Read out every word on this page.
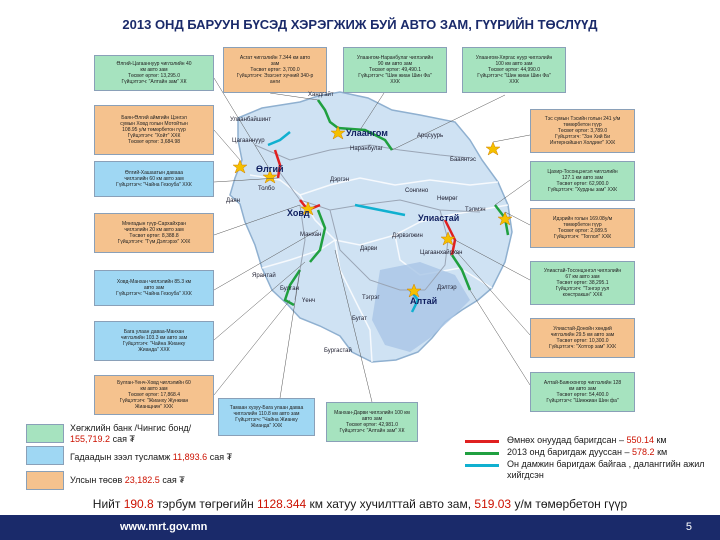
2013 ОНД БАРУУН БҮСЭД ХЭРЭГЖИЖ БУЙ АВТО ЗАМ, ГҮҮРИЙН ТӨСЛҮҮД
Өлгий-Цагааннуур чиглэлийн 40
км авто зам
Төсвөт өртөг: 13,295.0
Гүйцэтгэгч: "Алтайн зам" ХК
Асгат чиглэлийн 7.344 км авто
зам
Төсвөт өртөг: 3,700.0
Гүйцэтгэгч: Эзэгэнт хүчний 340-р
анги
Улаангом-Наранбулаг чиглэлийн
90 км авто зам
Төсвөт өртөг: 49,490.1
Гүйцэтгэгч: "Шин жиан Шин Фа"
ХХК
Улаангом-Хяргас нуур чиглэлийн
100 км авто зам
Төсвөт өртөг: 44,990.0
Гүйцэтгэгч: "Шин жиан Шин Фа"
ХХК
Баян-Өлгий аймгийн Цэнгэл
сумын Ховд голын Мотойтын
108.95 у/м төмөрбетон гүүр
Гүйцэтгэгч: "Хойт" ХХК
Төсвөт өртөг: 3,684.98
Тэс сумын Тэсийн голын 241 у/м
төмөрбетон гүүр
Төсвөт өртөг: 3,789.0
Гүйцэтгэгч: "Зэн Хий Би
Интернэйшнл Холдинг" ХХК
Өлгий-Хашаатын давааа
чиглэлийн 60 км авто зам
Гүйцэтгэгч: "Чайна Гезоуба" ХХК
Цахир-Тосонцэнгэл чиглэлийн
127.1 км авто зам
Төсвөт өртөг: 62,900.0
Гүйцэтгэгч: "Хурдны зам" ХХК
Мянгадын гүүр-Сархайхран
чиглэлийн 20 км авто зам
Төсвөт өртөг: 8,388.8
Гүйцэтгэгч: "Гүм Дэлгэрэх" ХХК
Идэрийн голын 169.08у/м
төмөрбетон гүүр
Төсвөт өртөг: 2,089.5
Гүйцэтгэгч: "Тоглол" ХХК
Ховд-Манхан чиглэлийн 85.3 км
авто зам
Гүйцэтгэгч: "Чайна Гезоуба" ХХК
Улиастай-Тосонцэнгэл чиглэлийн
67 км авто зам
Төсвөт өртөг: 38,295.1
Гүйцэтгэгч: "Тэнгэр уул
констракшн" ХХК
Бага улаан даваа-Манхан
чиглэлийн 103.3 км авто зам
Гүйцэтгэгч: "Чайна Жианку
Жианда" ХХК
Улиастай-Донойн хөндий
чиглэлийн 29.5 км авто зам
Төсвөт өртөг: 10,300.0
Гүйцэтгэгч: "Хотгор зам" ХХК
Булган-Үенч-Ховд чиглэлийн 60
км авто зам
Төсвөт өртөг: 17,868.4
Гүйцэтгэгч: "Жианху Жункиан
Жианщнин" ХХК	Тамаан хузуу-Бага улаан даваа
чиглэлийн 110.8 км авто зам
Гүйцэтгэгч: "Чайна Жианку
Жианда" ХХК
Манхан-Дарви чиглэлийн 100 км
авто зам
Төсвөт өртөг: 42,981.0
Гүйцэтгэгч: "Алтайн зам" ХК
Алтай-Баянхонгор чиглэлийн 128
км авто зам
Төсвөт өртөг: 54,400.0
Гүйцэтгэгч: "Шинжиан Шин фа"
Хандгайт
Улаанбайшинт
Цагааннуур
Наранбулаг
Арцсуурь
Бааянтэс
Дэргэн
Толбо
Даян
Сонгино
Нөмрөг
Манхан
Дарви
Тэлмэн
Дэрвэлжин
Цагаанхайрхан
Ярантай
Булган
Үенч	Тэгрэг
Бугат
Дэлтэр
Бургастай
Улаангом
Өлгий
Ховд	Улиастай
Алтай
Хөгжлийн банк /Чингис бонд/
155,719.2 сая ₮
Гадаадын зээл тусламж 11,893.6 сая ₮
Улсын төсөв 23,182.5 сая ₮
Өмнөх онуудад баригдсан – 550.14 км
2013 онд баригдаж дууссан – 578.2 км
Он дамжин баригдаж байгаа , даланггийн ажил хийгдсэн
Нийт 190.8 тэрбум төгрөгийн 1128.344 км хатуу хучилттай авто зам, 519.03 у/м төмөрбетон гүүр
www.mrt.gov.mn	5
